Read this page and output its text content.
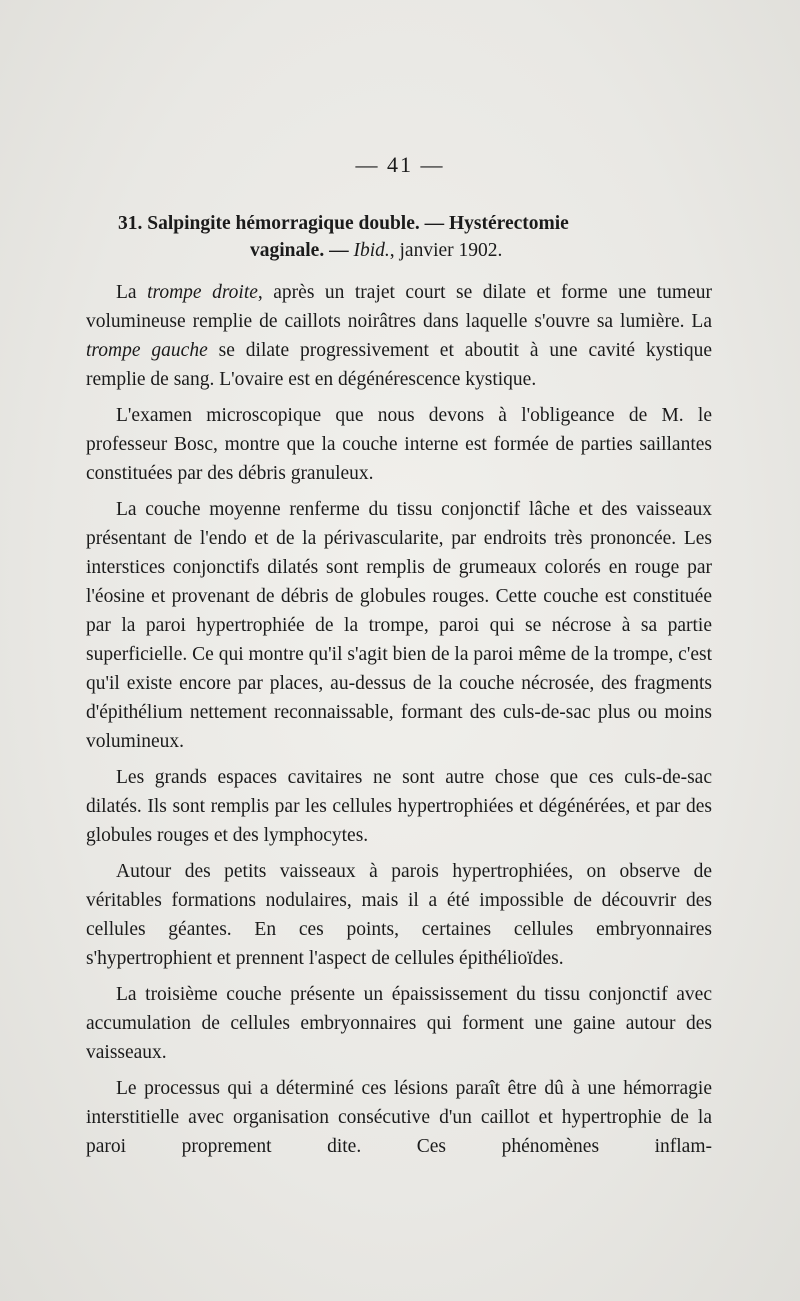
— 41 —
31. Salpingite hémorragique double. — Hystérectomie
vaginale. — Ibid., janvier 1902.

La trompe droite, après un trajet court se dilate et forme une tumeur volumineuse remplie de caillots noirâtres dans laquelle s'ouvre sa lumière. La trompe gauche se dilate progressivement et aboutit à une cavité kystique remplie de sang. L'ovaire est en dégénérescence kystique.

L'examen microscopique que nous devons à l'obligeance de M. le professeur Bosc, montre que la couche interne est formée de parties saillantes constituées par des débris granuleux.

La couche moyenne renferme du tissu conjonctif lâche et des vaisseaux présentant de l'endo et de la périvascularite, par endroits très prononcée. Les interstices conjonctifs dilatés sont remplis de grumeaux colorés en rouge par l'éosine et provenant de débris de globules rouges. Cette couche est constituée par la paroi hypertrophiée de la trompe, paroi qui se nécrose à sa partie superficielle. Ce qui montre qu'il s'agit bien de la paroi même de la trompe, c'est qu'il existe encore par places, au-dessus de la couche nécrosée, des fragments d'épithélium nettement reconnaissable, formant des culs-de-sac plus ou moins volumineux.

Les grands espaces cavitaires ne sont autre chose que ces culs-de-sac dilatés. Ils sont remplis par les cellules hypertrophiées et dégénérées, et par des globules rouges et des lymphocytes.

Autour des petits vaisseaux à parois hypertrophiées, on observe de véritables formations nodulaires, mais il a été impossible de découvrir des cellules géantes. En ces points, certaines cellules embryonnaires s'hypertrophient et prennent l'aspect de cellules épithélioïdes.

La troisième couche présente un épaississement du tissu conjonctif avec accumulation de cellules embryonnaires qui forment une gaine autour des vaisseaux.

Le processus qui a déterminé ces lésions paraît être dû à une hémorragie interstitielle avec organisation consécutive d'un caillot et hypertrophie de la paroi proprement dite. Ces phénomènes inflam-
